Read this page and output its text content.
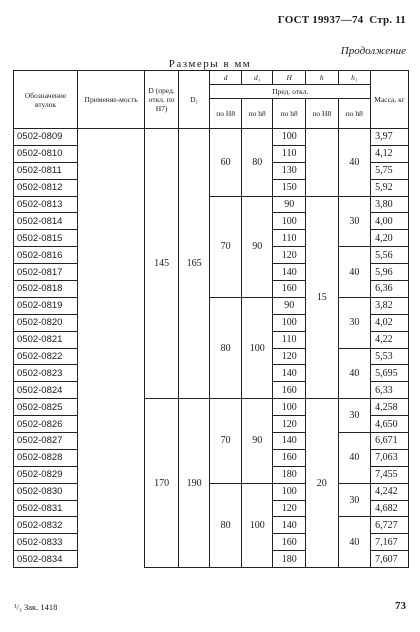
ГОСТ 19937—74 Стр. 11
Продолжение
Размеры в мм
Обозначение втулок	Применяе-мость	D (пред. откл. по H7)	D₁	d	d₁	H	h	h₁	Масса, кг
				Пред. откл.					
				по H8	по h8	по h8	по H8	по h8	
0502-0809		145	165	60	80	100		40	3,97
0502-0810						110			4,12
0502-0811						130			5,75
0502-0812						150			5,92
0502-0813				70	90	90	15	30	3,80
0502-0814						100			4,00
0502-0815						110			4,20
0502-0816						120		40	5,56
0502-0817						140			5,96
0502-0818						160			6,36
0502-0819				80	100	90		30	3,82
0502-0820						100			4,02
0502-0821						110			4,22
0502-0822						120		40	5,53
0502-0823						140			5,695
0502-0824						160			6,33
0502-0825		170	190	70	90	100	20	30	4,258
0502-0826						120			4,650
0502-0827						140		40	6,671
0502-0828						160			7,063
0502-0829						180			7,455
0502-0830				80	100	100		30	4,242
0502-0831						120			4,682
0502-0832						140		40	6,727
0502-0833						160			7,167
0502-0834						180			7,607
¹/₃ Зак. 1418	73
